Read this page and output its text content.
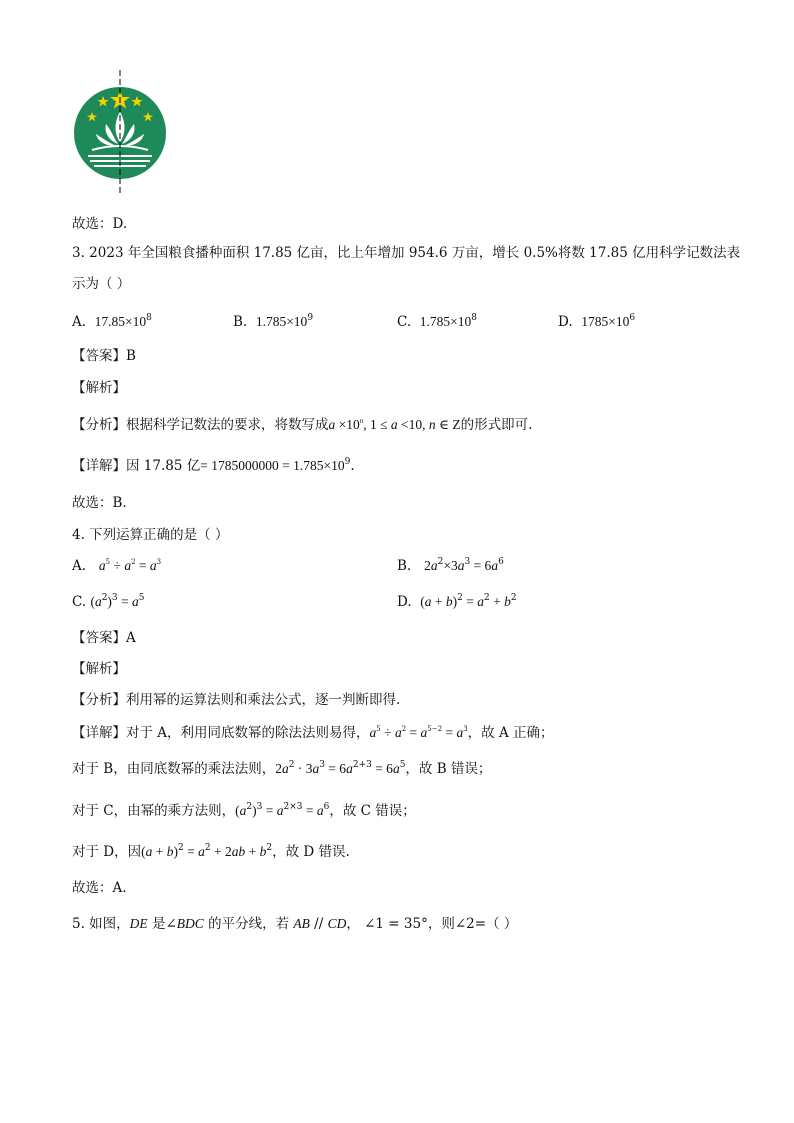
故选：D.
3. 2023 年全国粮食播种面积 17.85 亿亩，比上年增加 954.6 万亩，增长 0.5%将数 17.85 亿用科学记数法表
示为（ ）
A. $17.85\times 10^8$	B. $1.785\times 10^9$	C. $1.785\times 10^8$	D. $1785\times 10^6$
【答案】B
【解析】
【分析】根据科学记数法的要求，将数写成$a \times 10^n$, 1 ≤ a <10, n ∈ Z的形式即可.
【详解】因 17.85 亿= $1785000000 = 1.785\times 10^9$.
故选：B.
4. 下列运算正确的是（ ）
A. $a^5 \div a^2 = a^3$	B. $2a^2\times 3a^3 = 6a^6$
C. $(a^2)^3 = a^5$	D. $(a + b)^2 = a^2 + b^2$
【答案】A
【解析】
【分析】利用幂的运算法则和乘法公式，逐一判断即得.
【详解】对于 A，利用同底数幂的除法法则易得，$a^5 \div a^2 = a^{5-2} = a^3$，故 A 正确；
对于 B，由同底数幂的乘法法则，$2a^2 \cdot 3a^3 = 6a^{2+3} = 6a^5$，故 B 错误；
对于 C，由幂的乘方法则，$(a^2)^3 = a^{2\times 3} = a^6$，故 C 错误；
对于 D，因$(a + b)^2 = a^2 + 2ab + b^2$，故 D 错误.
故选：A.
5. 如图，DE 是∠BDC 的平分线，若 AB // CD， ∠1 = 35°，则∠2=（ ）
